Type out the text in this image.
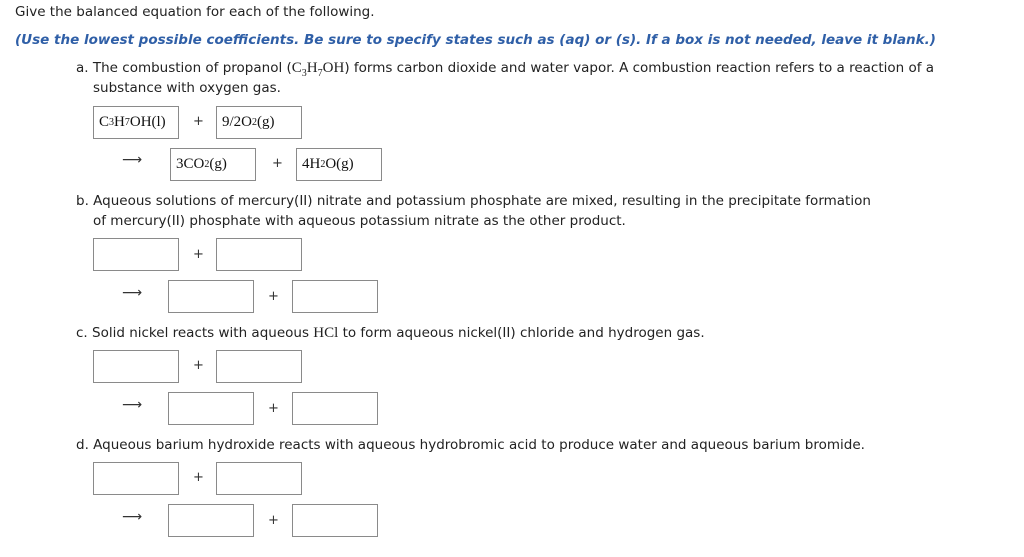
Give the balanced equation for each of the following.
(Use the lowest possible coefficients. Be sure to specify states such as (aq) or (s). If a box is not needed, leave it blank.)
a. The combustion of propanol $(C_3H_7OH)$ forms carbon dioxide and water vapor. A combustion reaction refers to a reaction of a
substance with oxygen gas.
C 3 H 7 OH(l)	+	9/2O 2 (g)
⟶	3CO 2 (g)	+	4H 2 O(g)
b. Aqueous solutions of mercury(II) nitrate and potassium phosphate are mixed, resulting in the precipitate formation
of mercury(II) phosphate with aqueous potassium nitrate as the other product.
+
⟶	+
c. Solid nickel reacts with aqueous HCl to form aqueous nickel(II) chloride and hydrogen gas.
+
⟶	+
d. Aqueous barium hydroxide reacts with aqueous hydrobromic acid to produce water and aqueous barium bromide.
+
⟶	+
